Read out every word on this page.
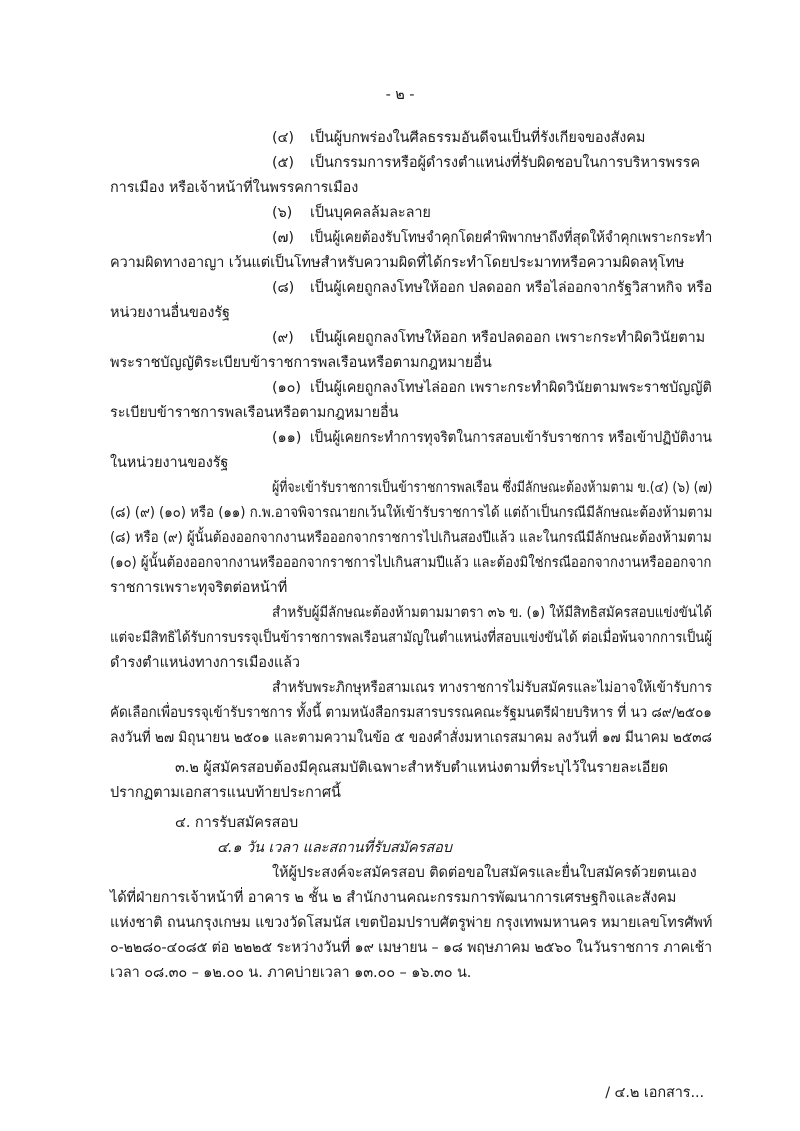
- ๒ -
(๔) เป็นผู้บกพร่องในศีลธรรมอันดีจนเป็นที่รังเกียจของสังคม
(๕) เป็นกรรมการหรือผู้ดำรงตำแหน่งที่รับผิดชอบในการบริหารพรรค
การเมือง หรือเจ้าหน้าที่ในพรรคการเมือง
(๖) เป็นบุคคลล้มละลาย
(๗) เป็นผู้เคยต้องรับโทษจำคุกโดยคำพิพากษาถึงที่สุดให้จำคุกเพราะกระทำ
ความผิดทางอาญา เว้นแต่เป็นโทษสำหรับความผิดที่ได้กระทำโดยประมาทหรือความผิดลหุโทษ
(๘) เป็นผู้เคยถูกลงโทษให้ออก ปลดออก หรือไล่ออกจากรัฐวิสาหกิจ หรือ
หน่วยงานอื่นของรัฐ
(๙) เป็นผู้เคยถูกลงโทษให้ออก หรือปลดออก เพราะกระทำผิดวินัยตาม
พระราชบัญญัติระเบียบข้าราชการพลเรือนหรือตามกฎหมายอื่น
(๑๐) เป็นผู้เคยถูกลงโทษไล่ออก เพราะกระทำผิดวินัยตามพระราชบัญญัติ
ระเบียบข้าราชการพลเรือนหรือตามกฎหมายอื่น
(๑๑) เป็นผู้เคยกระทำการทุจริตในการสอบเข้ารับราชการ หรือเข้าปฏิบัติงาน
ในหน่วยงานของรัฐ
ผู้ที่จะเข้ารับราชการเป็นข้าราชการพลเรือน ซึ่งมีลักษณะต้องห้ามตาม ข.(๔) (๖) (๗)
(๘) (๙) (๑๐) หรือ (๑๑) ก.พ.อาจพิจารณายกเว้นให้เข้ารับราชการได้ แต่ถ้าเป็นกรณีมีลักษณะต้องห้ามตาม
(๘) หรือ (๙) ผู้นั้นต้องออกจากงานหรือออกจากราชการไปเกินสองปีแล้ว และในกรณีมีลักษณะต้องห้ามตาม
(๑๐) ผู้นั้นต้องออกจากงานหรือออกจากราชการไปเกินสามปีแล้ว และต้องมิใช่กรณีออกจากงานหรือออกจาก
ราชการเพราะทุจริตต่อหน้าที่
สำหรับผู้มีลักษณะต้องห้ามตามมาตรา ๓๖ ข. (๑) ให้มีสิทธิสมัครสอบแข่งขันได้
แต่จะมีสิทธิได้รับการบรรจุเป็นข้าราชการพลเรือนสามัญในตำแหน่งที่สอบแข่งขันได้ ต่อเมื่อพ้นจากการเป็นผู้
ดำรงตำแหน่งทางการเมืองแล้ว
สำหรับพระภิกษุหรือสามเณร ทางราชการไม่รับสมัครและไม่อาจให้เข้ารับการ
คัดเลือกเพื่อบรรจุเข้ารับราชการ ทั้งนี้ ตามหนังสือกรมสารบรรณคณะรัฐมนตรีฝ่ายบริหาร ที่ นว ๘๙/๒๕๐๑
ลงวันที่ ๒๗ มิถุนายน ๒๕๐๑ และตามความในข้อ ๕ ของคำสั่งมหาเถรสมาคม ลงวันที่ ๑๗ มีนาคม ๒๕๓๘
๓.๒ ผู้สมัครสอบต้องมีคุณสมบัติเฉพาะสำหรับตำแหน่งตามที่ระบุไว้ในรายละเอียด
ปรากฏตามเอกสารแนบท้ายประกาศนี้
๔. การรับสมัครสอบ
๔.๑ วัน เวลา และสถานที่รับสมัครสอบ
ให้ผู้ประสงค์จะสมัครสอบ ติดต่อขอใบสมัครและยื่นใบสมัครด้วยตนเอง
ได้ที่ฝ่ายการเจ้าหน้าที่ อาคาร ๒ ชั้น ๒ สำนักงานคณะกรรมการพัฒนาการเศรษฐกิจและสังคม
แห่งชาติ ถนนกรุงเกษม แขวงวัดโสมนัส เขตป้อมปราบศัตรูพ่าย กรุงเทพมหานคร หมายเลขโทรศัพท์
๐-๒๒๘๐-๔๐๘๕ ต่อ ๒๒๒๕ ระหว่างวันที่ ๑๙ เมษายน – ๑๘ พฤษภาคม ๒๕๖๐ ในวันราชการ ภาคเช้า
เวลา ๐๘.๓๐ – ๑๒.๐๐ น. ภาคบ่ายเวลา ๑๓.๐๐ – ๑๖.๓๐ น.
/ ๔.๒ เอกสาร...
